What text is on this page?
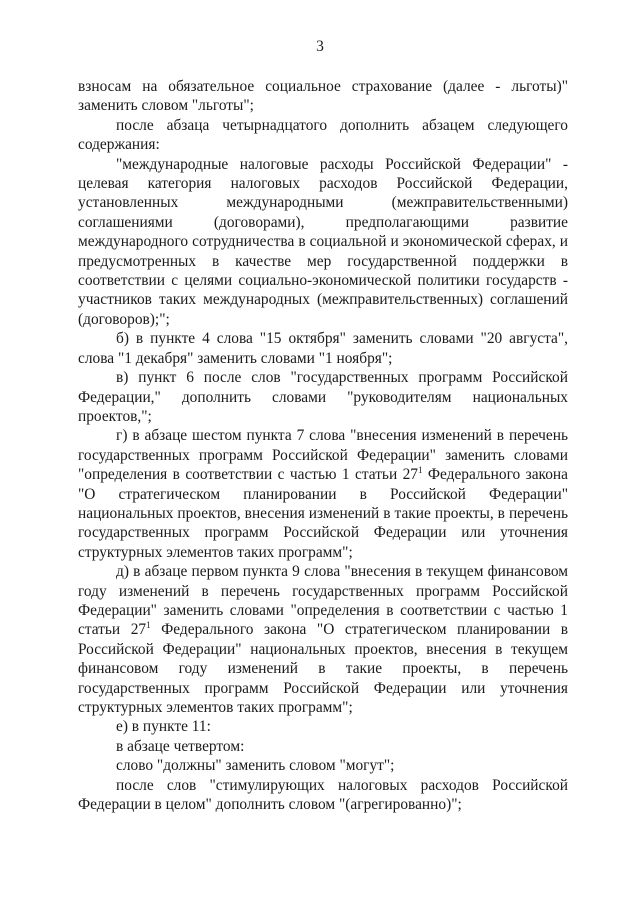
3

взносам на обязательное социальное страхование (далее - льготы)" заменить словом "льготы";

после абзаца четырнадцатого дополнить абзацем следующего содержания:

"международные налоговые расходы Российской Федерации" - целевая категория налоговых расходов Российской Федерации, установленных международными (межправительственными) соглашениями (договорами), предполагающими развитие международного сотрудничества в социальной и экономической сферах, и предусмотренных в качестве мер государственной поддержки в соответствии с целями социально-экономической политики государств - участников таких международных (межправительственных) соглашений (договоров);";

б) в пункте 4 слова "15 октября" заменить словами "20 августа", слова "1 декабря" заменить словами "1 ноября";

в) пункт 6 после слов "государственных программ Российской Федерации," дополнить словами "руководителям национальных проектов,";

г) в абзаце шестом пункта 7 слова "внесения изменений в перечень государственных программ Российской Федерации" заменить словами "определения в соответствии с частью 1 статьи $27^1$ Федерального закона "О стратегическом планировании в Российской Федерации" национальных проектов, внесения изменений в такие проекты, в перечень государственных программ Российской Федерации или уточнения структурных элементов таких программ";

д) в абзаце первом пункта 9 слова "внесения в текущем финансовом году изменений в перечень государственных программ Российской Федерации" заменить словами "определения в соответствии с частью 1 статьи $27^1$ Федерального закона "О стратегическом планировании в Российской Федерации" национальных проектов, внесения в текущем финансовом году изменений в такие проекты, в перечень государственных программ Российской Федерации или уточнения структурных элементов таких программ";

е) в пункте 11:

в абзаце четвертом:

слово "должны" заменить словом "могут";

после слов "стимулирующих налоговых расходов Российской Федерации в целом" дополнить словом "(агрегированно)";
